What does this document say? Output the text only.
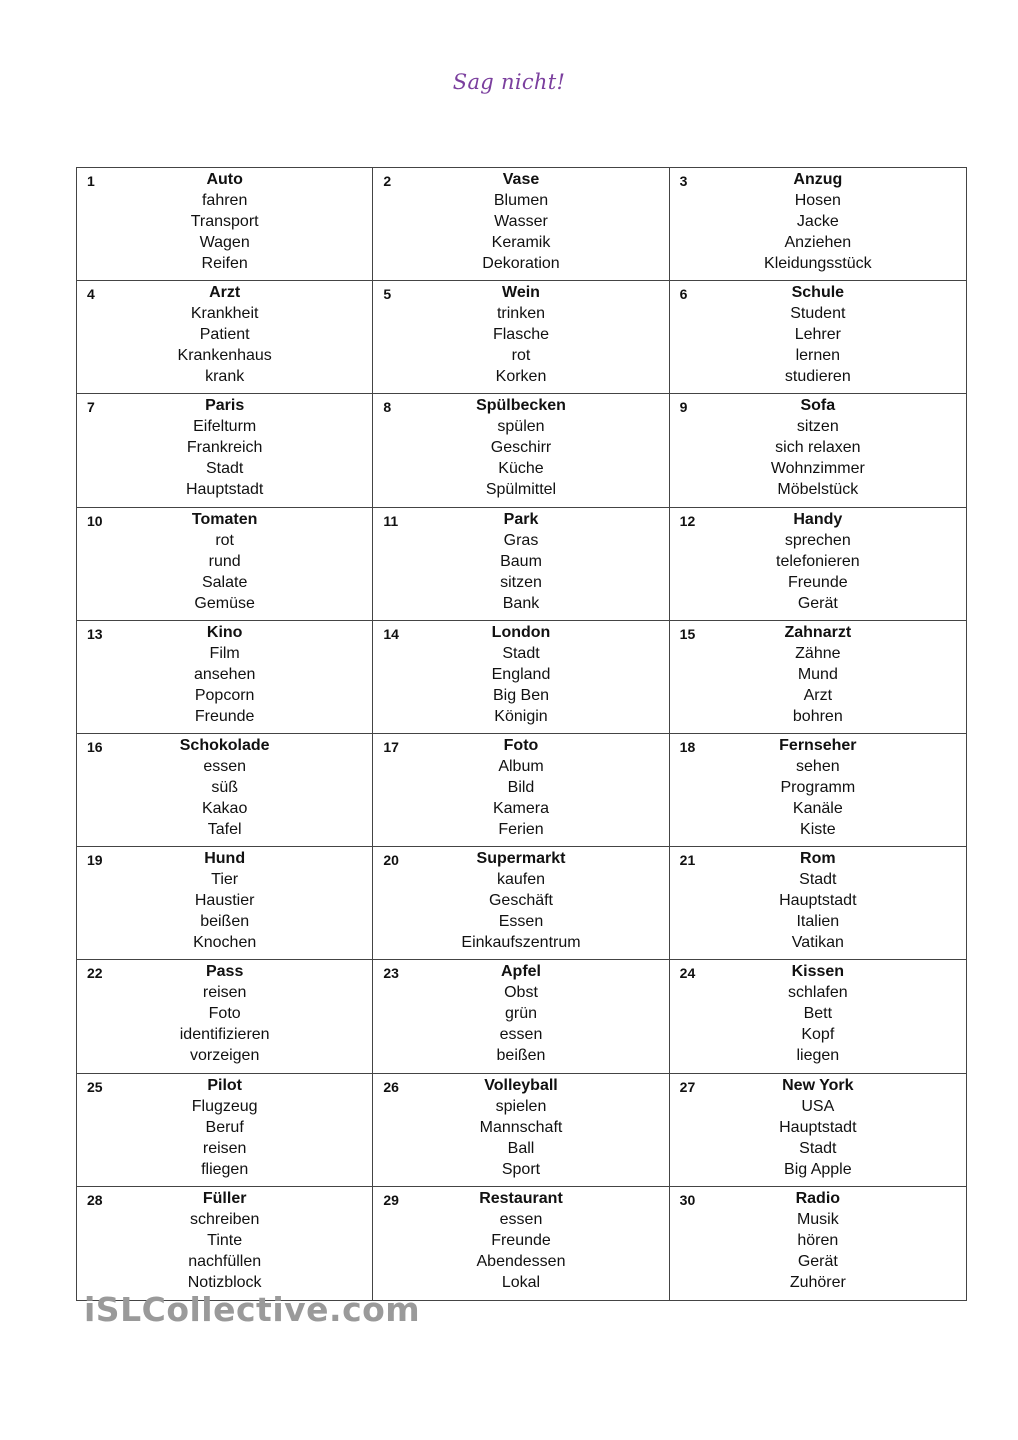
Sag nicht!
1	Auto
fahren
Transport
Wagen
Reifen
2	Vase
Blumen
Wasser
Keramik
Dekoration
3	Anzug
Hosen
Jacke
Anziehen
Kleidungsstück
4	Arzt
Krankheit
Patient
Krankenhaus
krank
5	Wein
trinken
Flasche
rot
Korken
6	Schule
Student
Lehrer
lernen
studieren
7	Paris
Eifelturm
Frankreich
Stadt
Hauptstadt
8	Spülbecken
spülen
Geschirr
Küche
Spülmittel
9	Sofa
sitzen
sich relaxen
Wohnzimmer
Möbelstück
10	Tomaten
rot
rund
Salate
Gemüse
11	Park
Gras
Baum
sitzen
Bank
12	Handy
sprechen
telefonieren
Freunde
Gerät
13	Kino
Film
ansehen
Popcorn
Freunde
14	London
Stadt
England
Big Ben
Königin
15	Zahnarzt
Zähne
Mund
Arzt
bohren
16	Schokolade
essen
süß
Kakao
Tafel
17	Foto
Album
Bild
Kamera
Ferien
18	Fernseher
sehen
Programm
Kanäle
Kiste
19	Hund
Tier
Haustier
beißen
Knochen
20	Supermarkt
kaufen
Geschäft
Essen
Einkaufszentrum
21	Rom
Stadt
Hauptstadt
Italien
Vatikan
22	Pass
reisen
Foto
identifizieren
vorzeigen
23	Apfel
Obst
grün
essen
beißen
24	Kissen
schlafen
Bett
Kopf
liegen
25	Pilot
Flugzeug
Beruf
reisen
fliegen
26	Volleyball
spielen
Mannschaft
Ball
Sport
27	New York
USA
Hauptstadt
Stadt
Big Apple
28	Füller
schreiben
Tinte
nachfüllen
Notizblock
29	Restaurant
essen
Freunde
Abendessen
Lokal
30	Radio
Musik
hören
Gerät
Zuhörer
iSLCollective.com
